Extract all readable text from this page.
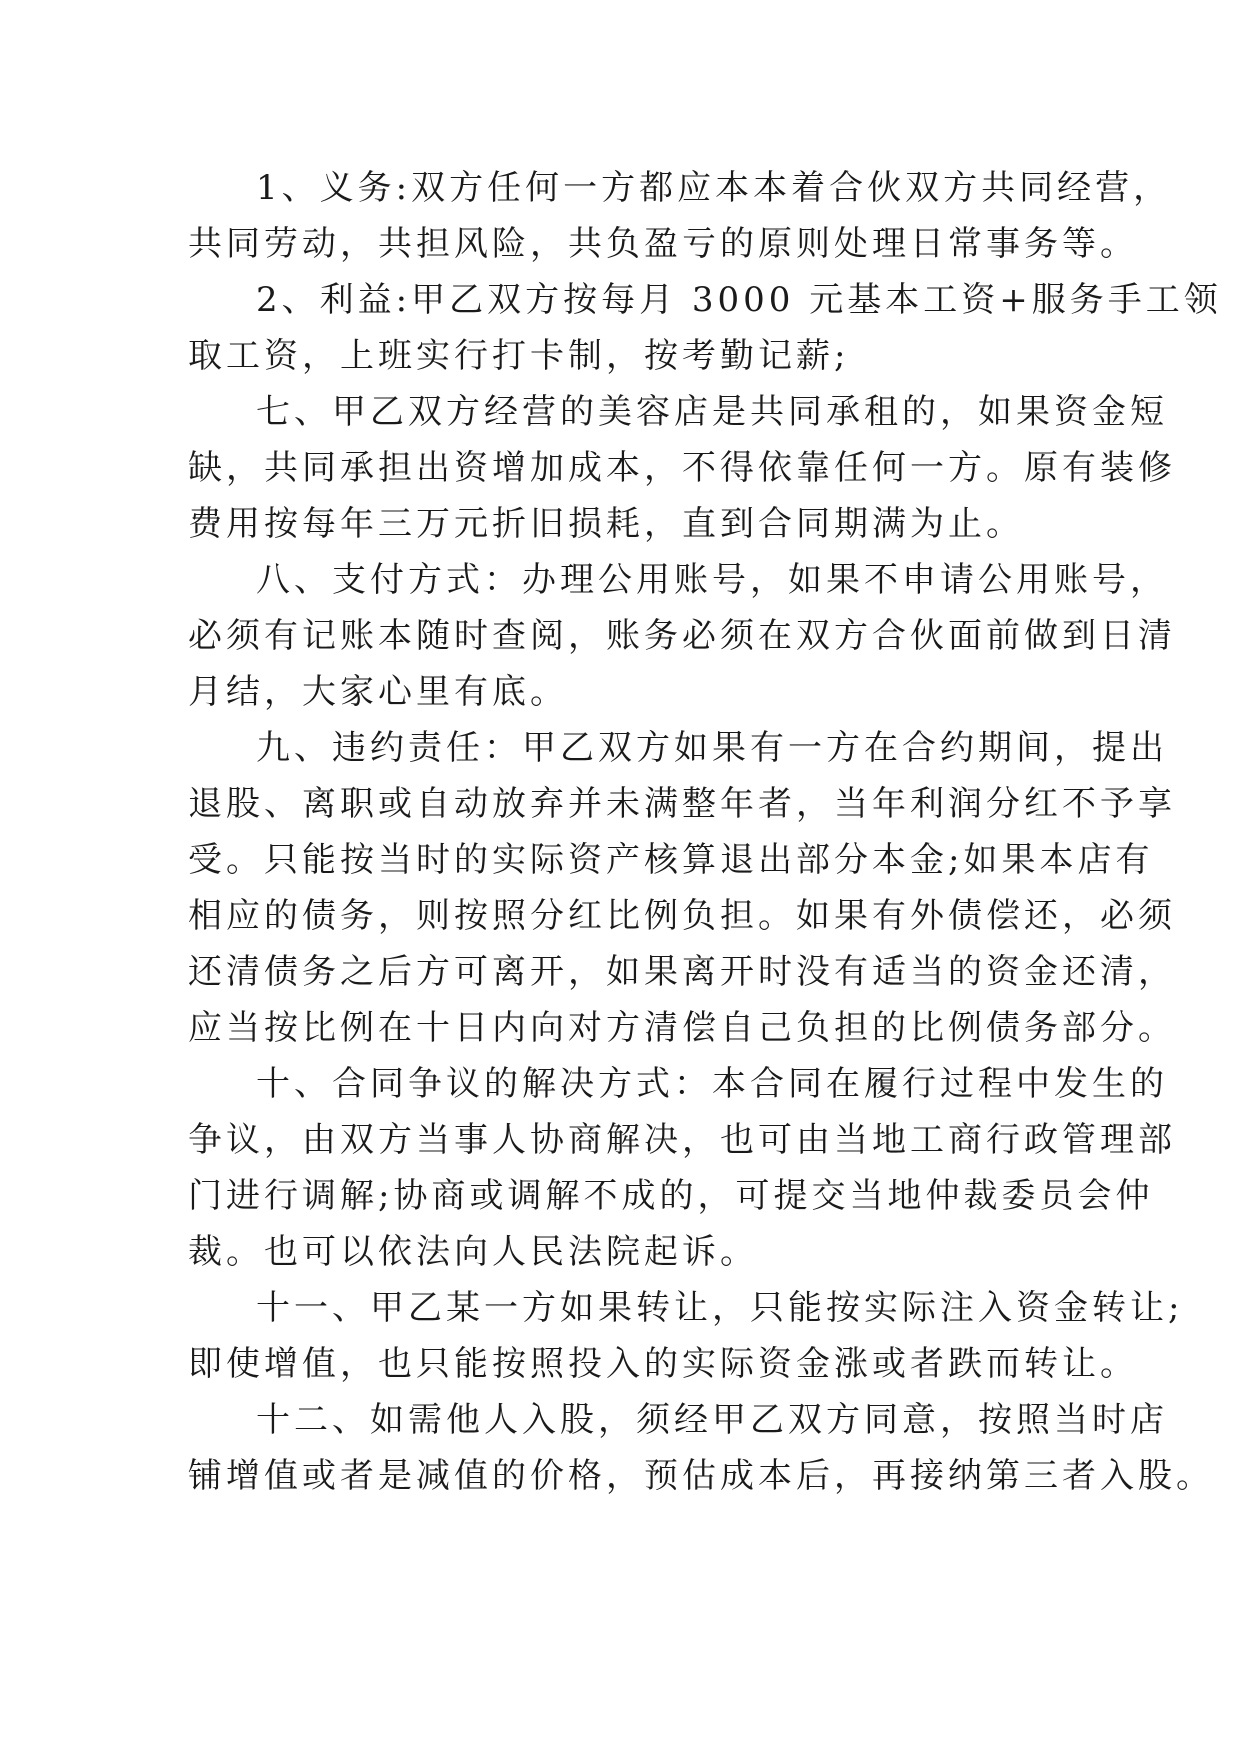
1、义务:双方任何一方都应本本着合伙双方共同经营，
共同劳动，共担风险，共负盈亏的原则处理日常事务等。
2、利益:甲乙双方按每月 3000 元基本工资+服务手工领
取工资，上班实行打卡制，按考勤记薪;
七、甲乙双方经营的美容店是共同承租的，如果资金短
缺，共同承担出资增加成本，不得依靠任何一方。原有装修
费用按每年三万元折旧损耗，直到合同期满为止。
八、支付方式：办理公用账号，如果不申请公用账号，
必须有记账本随时查阅，账务必须在双方合伙面前做到日清
月结，大家心里有底。
九、违约责任：甲乙双方如果有一方在合约期间，提出
退股、离职或自动放弃并未满整年者，当年利润分红不予享
受。只能按当时的实际资产核算退出部分本金;如果本店有
相应的债务，则按照分红比例负担。如果有外债偿还，必须
还清债务之后方可离开，如果离开时没有适当的资金还清，
应当按比例在十日内向对方清偿自己负担的比例债务部分。
十、合同争议的解决方式：本合同在履行过程中发生的
争议，由双方当事人协商解决，也可由当地工商行政管理部
门进行调解;协商或调解不成的，可提交当地仲裁委员会仲
裁。也可以依法向人民法院起诉。
十一、甲乙某一方如果转让，只能按实际注入资金转让;
即使增值，也只能按照投入的实际资金涨或者跌而转让。
十二、如需他人入股，须经甲乙双方同意，按照当时店
铺增值或者是减值的价格，预估成本后，再接纳第三者入股。
